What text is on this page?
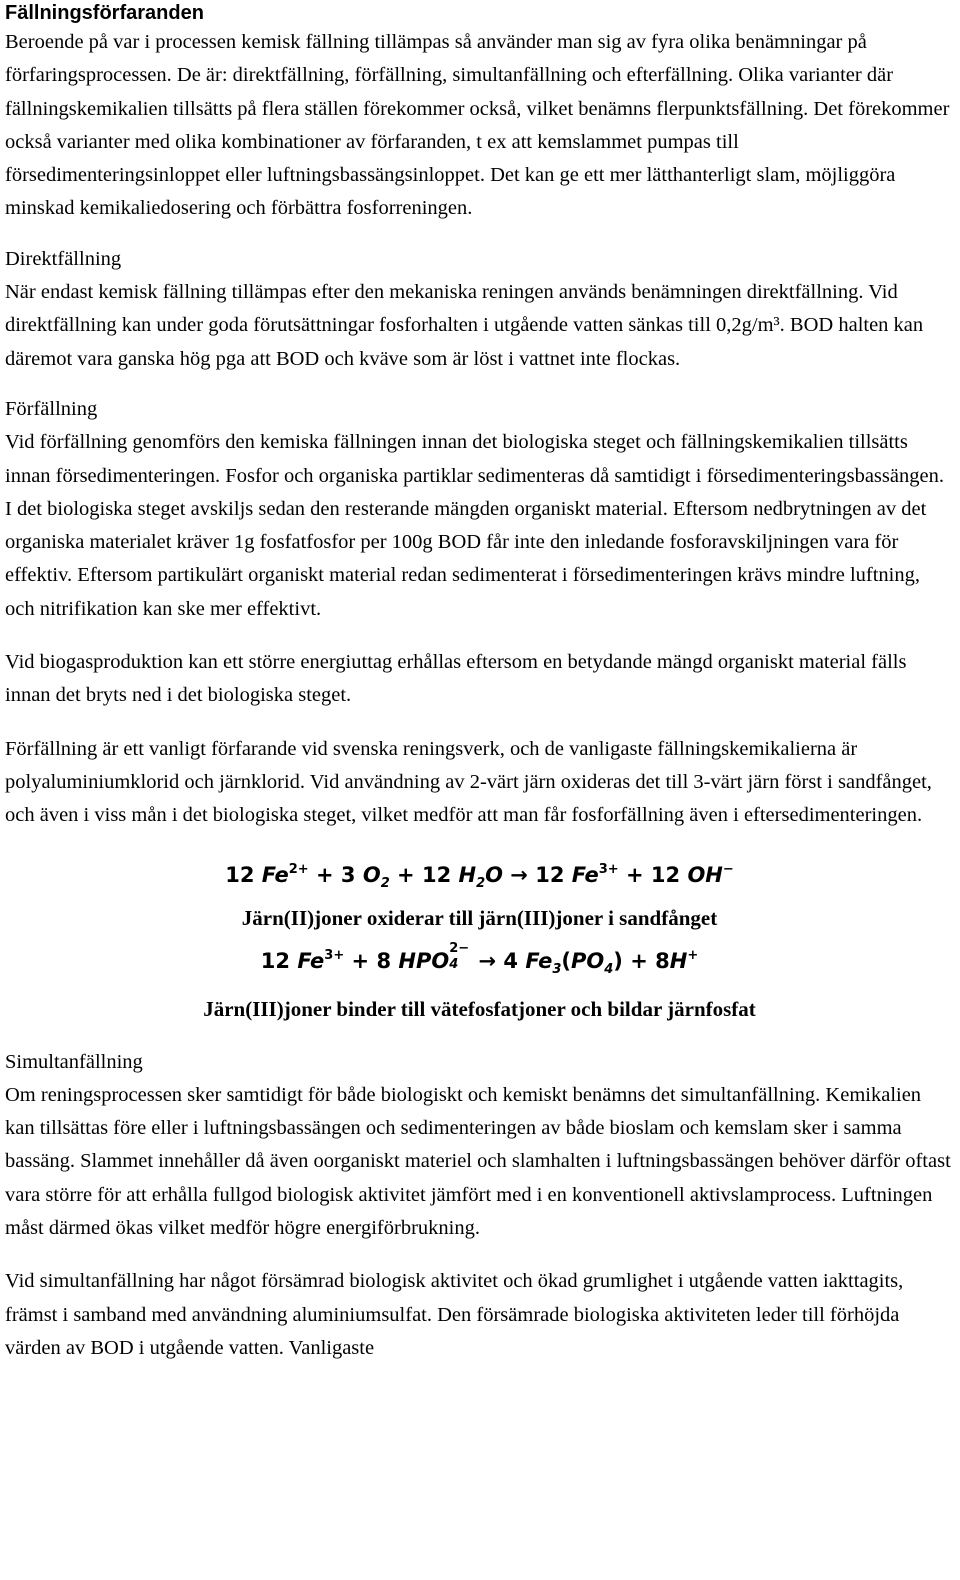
Fällningsförfaranden

Beroende på var i processen kemisk fällning tillämpas så använder man sig av fyra olika benämningar på förfaringsprocessen. De är: direktfällning, förfällning, simultanfällning och efterfällning. Olika varianter där fällningskemikalien tillsätts på flera ställen förekommer också, vilket benämns flerpunktsfällning. Det förekommer också varianter med olika kombinationer av förfaranden, t ex att kemslammet pumpas till försedimenteringsinloppet eller luftningsbassängsinloppet. Det kan ge ett mer lätthanterligt slam, möjliggöra minskad kemikaliedosering och förbättra fosforreningen.

Direktfällning

När endast kemisk fällning tillämpas efter den mekaniska reningen används benämningen direktfällning. Vid direktfällning kan under goda förutsättningar fosforhalten i utgående vatten sänkas till 0,2g/m³. BOD halten kan däremot vara ganska hög pga att BOD och kväve som är löst i vattnet inte flockas.

Förfällning

Vid förfällning genomförs den kemiska fällningen innan det biologiska steget och fällningskemikalien tillsätts innan försedimenteringen. Fosfor och organiska partiklar sedimenteras då samtidigt i försedimenteringsbassängen. I det biologiska steget avskiljs sedan den resterande mängden organiskt material. Eftersom nedbrytningen av det organiska materialet kräver 1g fosfatfosfor per 100g BOD får inte den inledande fosforavskiljningen vara för effektiv. Eftersom partikulärt organiskt material redan sedimenterat i försedimenteringen krävs mindre luftning, och nitrifikation kan ske mer effektivt.

Vid biogasproduktion kan ett större energiuttag erhållas eftersom en betydande mängd organiskt material fälls innan det bryts ned i det biologiska steget.

Förfällning är ett vanligt förfarande vid svenska reningsverk, och de vanligaste fällningskemikalierna är polyaluminiumklorid och järnklorid. Vid användning av 2-värt järn oxideras det till 3-värt järn först i sandfånget, och även i viss mån i det biologiska steget, vilket medför att man får fosforfällning även i eftersedimenteringen.

12 $Fe^{2+} + 3$ $O_2 + 12$ $H_2O \to 12$ $Fe^{3+} + 12$ OH−

Järn(II)joner oxiderar till järn(III)joner i sandfånget

12 $Fe^{3+} + 8$ HPO
2−
4 → 4 $Fe_3(PO_4) + 8H^+$

Järn(III)joner binder till vätefosfatjoner och bildar järnfosfat

Simultanfällning

Om reningsprocessen sker samtidigt för både biologiskt och kemiskt benämns det simultanfällning. Kemikalien kan tillsättas före eller i luftningsbassängen och sedimenteringen av både bioslam och kemslam sker i samma bassäng. Slammet innehåller då även oorganiskt materiel och slamhalten i luftningsbassängen behöver därför oftast vara större för att erhålla fullgod biologisk aktivitet jämfört med i en konventionell aktivslamprocess. Luftningen måst därmed ökas vilket medför högre energiförbrukning.

Vid simultanfällning har något försämrad biologisk aktivitet och ökad grumlighet i utgående vatten iakttagits, främst i samband med användning aluminiumsulfat. Den försämrade biologiska aktiviteten leder till förhöjda värden av BOD i utgående vatten. Vanligaste
